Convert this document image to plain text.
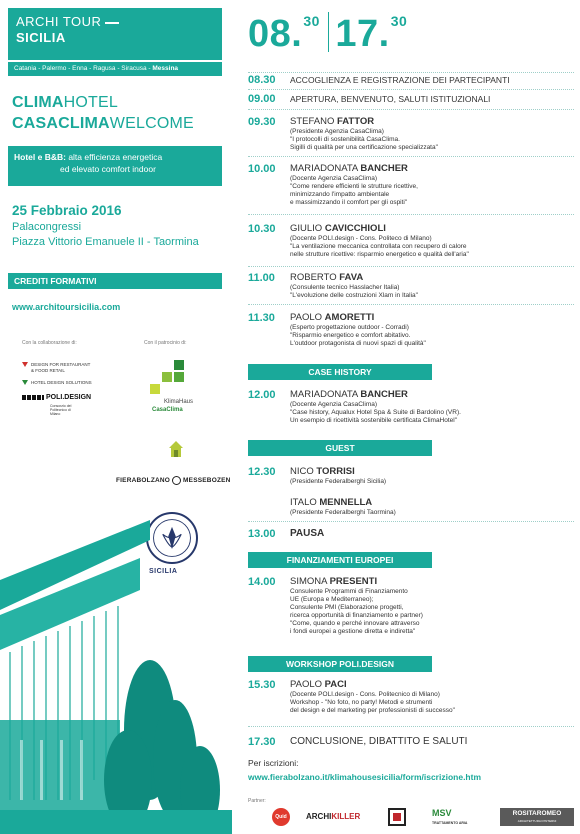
ARCHI TOUR
SICILIA
Catania - Palermo - Enna - Ragusa - Siracusa - Messina
CLIMAHOTEL
CASACLIMAWELCOME
Hotel e B&B: alta efficienza energetica
ed elevato comfort indoor
25 Febbraio 2016
Palacongressi
Piazza Vittorio Emanuele II - Taormina
CREDITI FORMATIVI
www.architoursicilia.com
Con la collaborazione di:	Con il patrocinio di:
DESIGN FOR RESTAURANT
& FOOD RETAIL
HOTEL DESIGN SOLUTIONS
POLI.DESIGN
Consorzio del Politecnico di Milano
KlimaHaus
CasaClima
FIERABOLZANO MESSEBOZEN
SICILIA
08.30 17.30
08.30 ACCOGLIENZA E REGISTRAZIONE DEI PARTECIPANTI
09.00 APERTURA, BENVENUTO, SALUTI ISTITUZIONALI
09.30 STEFANO FATTOR
(Presidente Agenzia CasaClima)
"I protocolli di sostenibilità CasaClima.
Sigilli di qualità per una certificazione specializzata"
10.00 MARIADONATA BANCHER
(Docente Agenzia CasaClima)
"Come rendere efficienti le strutture ricettive,
minimizzando l'impatto ambientale
e massimizzando il comfort per gli ospiti"
10.30 GIULIO CAVICCHIOLI
(Docente POLI.design - Cons. Politeco di Milano)
"La ventilazione meccanica controllata con recupero di calore
nelle strutture ricettive: risparmio energetico e qualità dell'aria"
11.00 ROBERTO FAVA
(Consulente tecnico Hasslacher Italia)
"L'evoluzione delle costruzioni Xlam in Italia"
11.30 PAOLO AMORETTI
(Esperto progettazione outdoor - Corradi)
"Risparmio energetico e comfort abitativo.
L'outdoor protagonista di nuovi spazi di qualità"
CASE HISTORY
12.00 MARIADONATA BANCHER
(Docente Agenzia CasaClima)
"Case history, Aqualux Hotel Spa & Suite di Bardolino (VR).
Un esempio di ricettività sostenibile certificata ClimaHotel"
GUEST
12.30 NICO TORRISI
(Presidente Federalberghi Sicilia)
ITALO MENNELLA
(Presidente Federalberghi Taormina)
13.00 PAUSA
FINANZIAMENTI EUROPEI
14.00 SIMONA PRESENTI
Consulente Programmi di Finanziamento
UE (Europa e Mediterraneo);
Consulente PMI (Elaborazione progetti,
ricerca opportunità di finanziamento e partner)
"Come, quando e perché innovare attraverso
i fondi europei a gestione diretta e indiretta"
WORKSHOP POLI.DESIGN
15.30 PAOLO PACI
(Docente POLI.design - Cons. Politecnico di Milano)
Workshop - "No foto, no party! Metodi e strumenti
del design e del marketing per professionisti di successo"
17.30 CONCLUSIONE, DIBATTITO E SALUTI
Per iscrizioni:
www.fierabolzano.it/klimahousesicilia/form/iscrizione.htm
Partner:
Quid	ARCHIKILLER	MSV
TRATTAMENTO ARIA
ROSITAROMEO
ARCHITETTURA D'INTERNI
